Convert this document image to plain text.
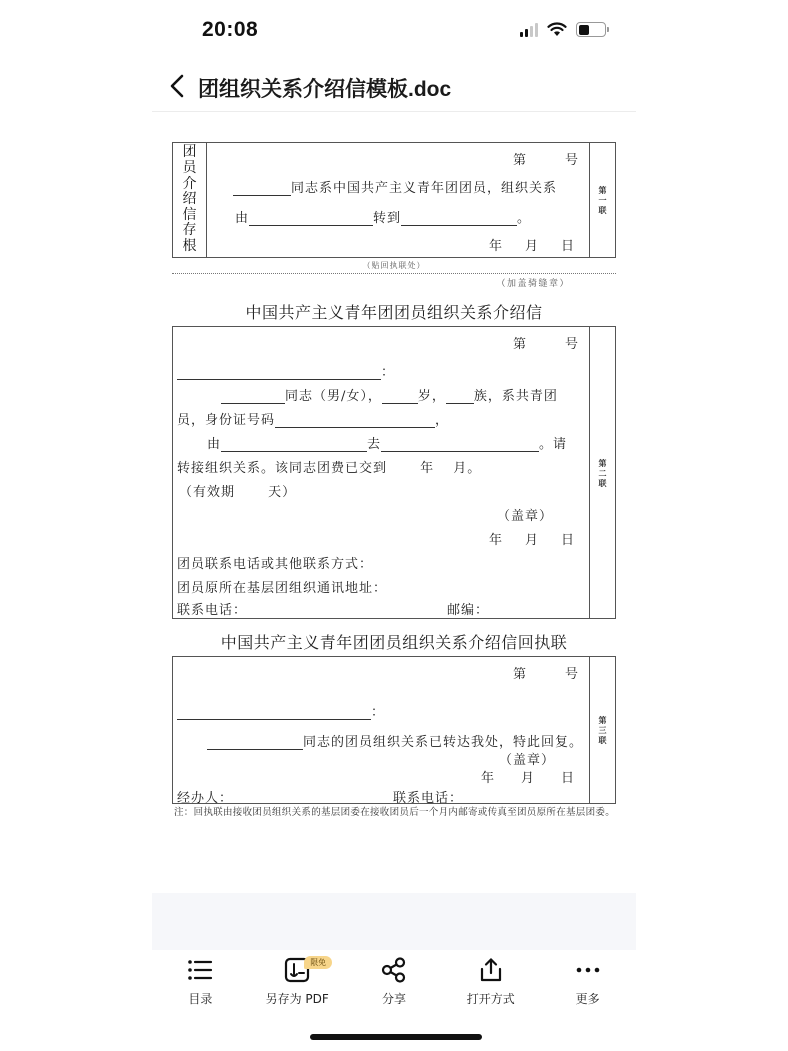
20:08
团组织关系介绍信模板.doc
团员介绍信存根
第	号
同志系中国共产主义青年团团员，组织关系
由	转到	。
年 月 日
第一联
（贴回执联处）
（加盖骑缝章）
中国共产主义青年团团员组织关系介绍信
第	号
：
同志（男/女），	岁， 族，系共青团
员，身份证号码	，
由	去	。请
转接组织关系。该同志团费已交到　　 年　 月。
（有效期　　 天）
（盖章）
年 月 日
团员联系电话或其他联系方式：
团员原所在基层团组织通讯地址：
联系电话：	邮编：
第二联
中国共产主义青年团团员组织关系介绍信回执联
第	号
：
同志的团员组织关系已转达我处，特此回复。
（盖章）
年 月 日
经办人：	联系电话：
第三联
注：回执联由接收团员组织关系的基层团委在接收团员后一个月内邮寄或传真至团员原所在基层团委。
目录
限免
另存为 PDF	分享	打开方式	更多
